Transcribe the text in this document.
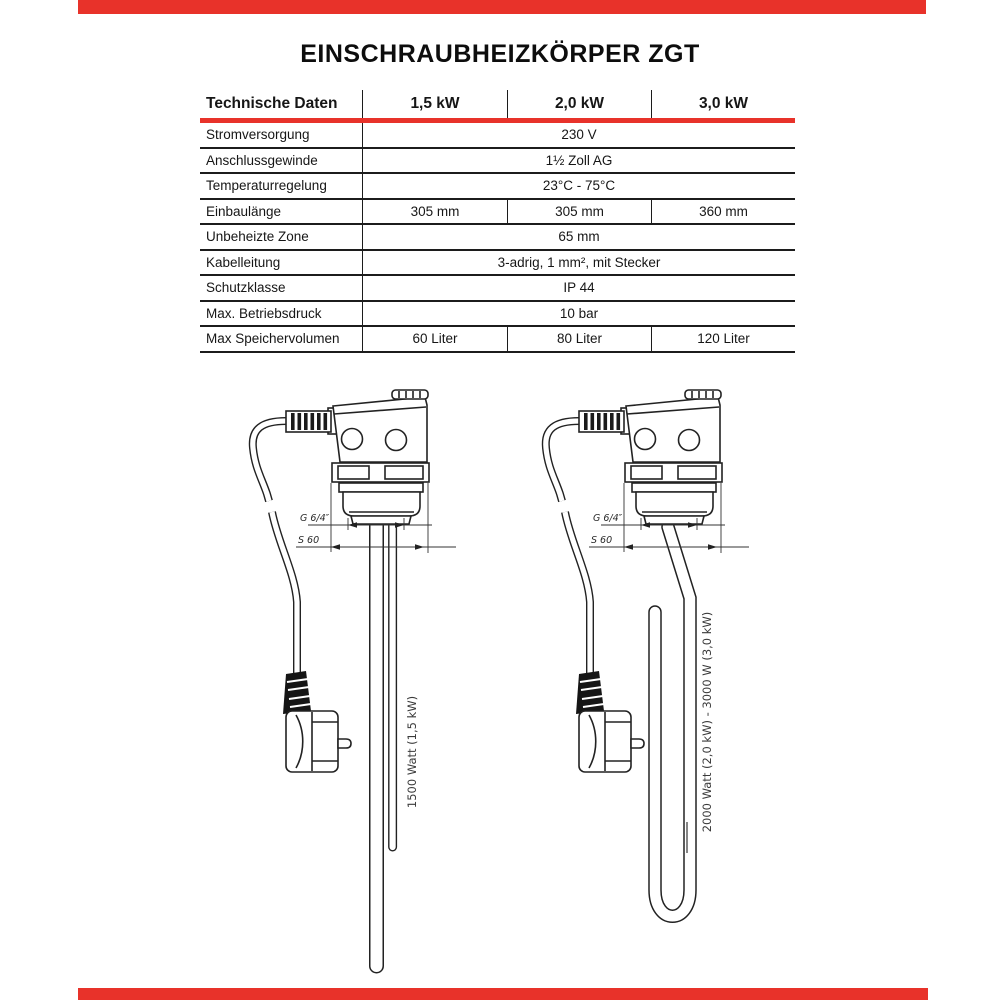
EINSCHRAUBHEIZKÖRPER ZGT
Technische Daten	1,5 kW	2,0 kW	3,0 kW
Stromversorgung	230 V
Anschlussgewinde	1½ Zoll AG
Temperaturregelung	23°C - 75°C
Einbaulänge	305 mm	305 mm	360 mm
Unbeheizte Zone	65 mm
Kabelleitung	3-adrig, 1 mm², mit Stecker
Schutzklasse	IP 44
Max. Betriebsdruck	10 bar
Max Speichervolumen	60 Liter	80 Liter	120 Liter
G 6/4″
S 60
1500 Watt (1,5 kW)
G 6/4″
S 60
2000 Watt (2,0 kW) - 3000 W (3,0 kW)
